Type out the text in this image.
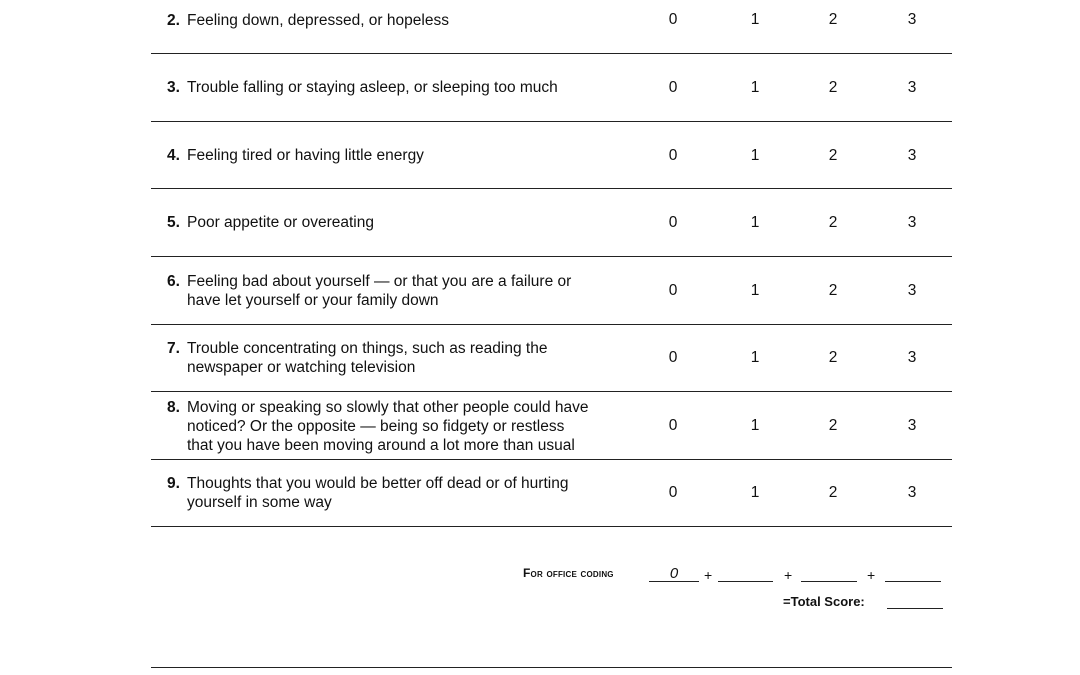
2. Feeling down, depressed, or hopeless	0	1	2	3
3. Trouble falling or staying asleep, or sleeping too much	0	1	2	3
4. Feeling tired or having little energy	0	1	2	3
5. Poor appetite or overeating	0	1	2	3
6. Feeling bad about yourself — or that you are a failure or
have let yourself or your family down
0	1	2	3
7. Trouble concentrating on things, such as reading the
newspaper or watching television
0	1	2	3
8. Moving or speaking so slowly that other people could have
noticed? Or the opposite — being so fidgety or restless
that you have been moving around a lot more than usual
0	1	2	3
9. Thoughts that you would be better off dead or of hurting
yourself in some way
0	1	2	3
For office coding	0	+	+	+
=Total Score:
